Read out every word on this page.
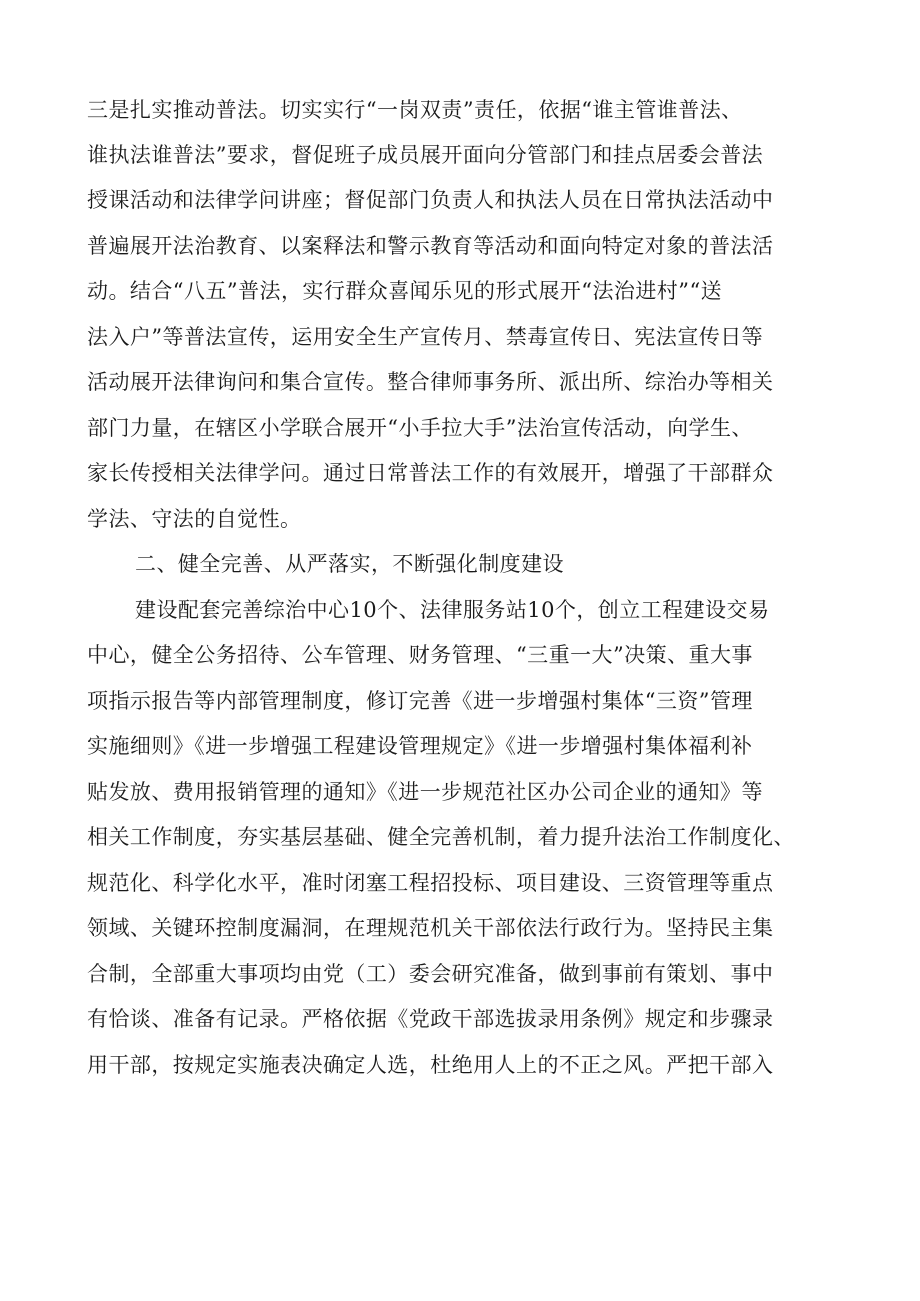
三是扎实推动普法。切实实行“一岗双责”责任，依据“谁主管谁普法、
谁执法谁普法”要求，督促班子成员展开面向分管部门和挂点居委会普法
授课活动和法律学问讲座；督促部门负责人和执法人员在日常执法活动中
普遍展开法治教育、以案释法和警示教育等活动和面向特定对象的普法活
动。结合“八五”普法，实行群众喜闻乐见的形式展开“法治进村”“送
法入户”等普法宣传，运用安全生产宣传月、禁毒宣传日、宪法宣传日等
活动展开法律询问和集合宣传。整合律师事务所、派出所、综治办等相关
部门力量，在辖区小学联合展开“小手拉大手”法治宣传活动，向学生、
家长传授相关法律学问。通过日常普法工作的有效展开，增强了干部群众
学法、守法的自觉性。
二、健全完善、从严落实，不断强化制度建设
建设配套完善综治中心10个、法律服务站10个，创立工程建设交易
中心，健全公务招待、公车管理、财务管理、“三重一大”决策、重大事
项指示报告等内部管理制度，修订完善《进一步增强村集体“三资”管理
实施细则》《进一步增强工程建设管理规定》《进一步增强村集体福利补
贴发放、费用报销管理的通知》《进一步规范社区办公司企业的通知》等
相关工作制度，夯实基层基础、健全完善机制，着力提升法治工作制度化、
规范化、科学化水平，准时闭塞工程招投标、项目建设、三资管理等重点
领域、关键环控制度漏洞，在理规范机关干部依法行政行为。坚持民主集
合制，全部重大事项均由党（工）委会研究准备，做到事前有策划、事中
有恰谈、准备有记录。严格依据《党政干部选拔录用条例》规定和步骤录
用干部，按规定实施表决确定人选，杜绝用人上的不正之风。严把干部入
